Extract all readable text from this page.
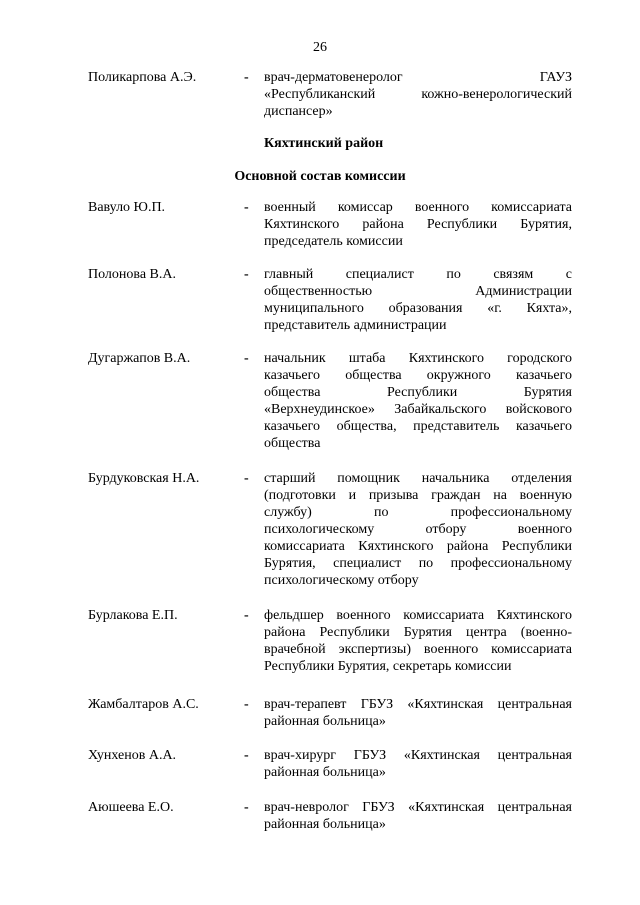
26
Поликарпова А.Э.	- врач-дерматовенеролог ГАУЗ
«Республиканский кожно-венерологический
диспансер»
Кяхтинский район
Основной состав комиссии
Вавуло Ю.П.	- военный комиссар военного комиссариата
Кяхтинского района Республики Бурятия,
председатель комиссии
Полонова В.А.	- главный специалист по связям с
общественностью Администрации
муниципального образования «г. Кяхта»,
представитель администрации
Дугаржапов В.А.	- начальник штаба Кяхтинского городского
казачьего общества окружного казачьего
общества Республики Бурятия
«Верхнеудинское» Забайкальского войскового
казачьего общества, представитель казачьего
общества
Бурдуковская Н.А.	- старший помощник начальника отделения
(подготовки и призыва граждан на военную
службу) по профессиональному
психологическому отбору военного
комиссариата Кяхтинского района Республики
Бурятия, специалист по профессиональному
психологическому отбору
Бурлакова Е.П.	- фельдшер военного комиссариата Кяхтинского
района Республики Бурятия центра (военно-
врачебной экспертизы) военного комиссариата
Республики Бурятия, секретарь комиссии
Жамбалтаров А.С.	- врач-терапевт ГБУЗ «Кяхтинская центральная
районная больница»
Хунхенов А.А.	- врач-хирург ГБУЗ «Кяхтинская центральная
районная больница»
Аюшеева Е.О.	- врач-невролог ГБУЗ «Кяхтинская центральная
районная больница»
